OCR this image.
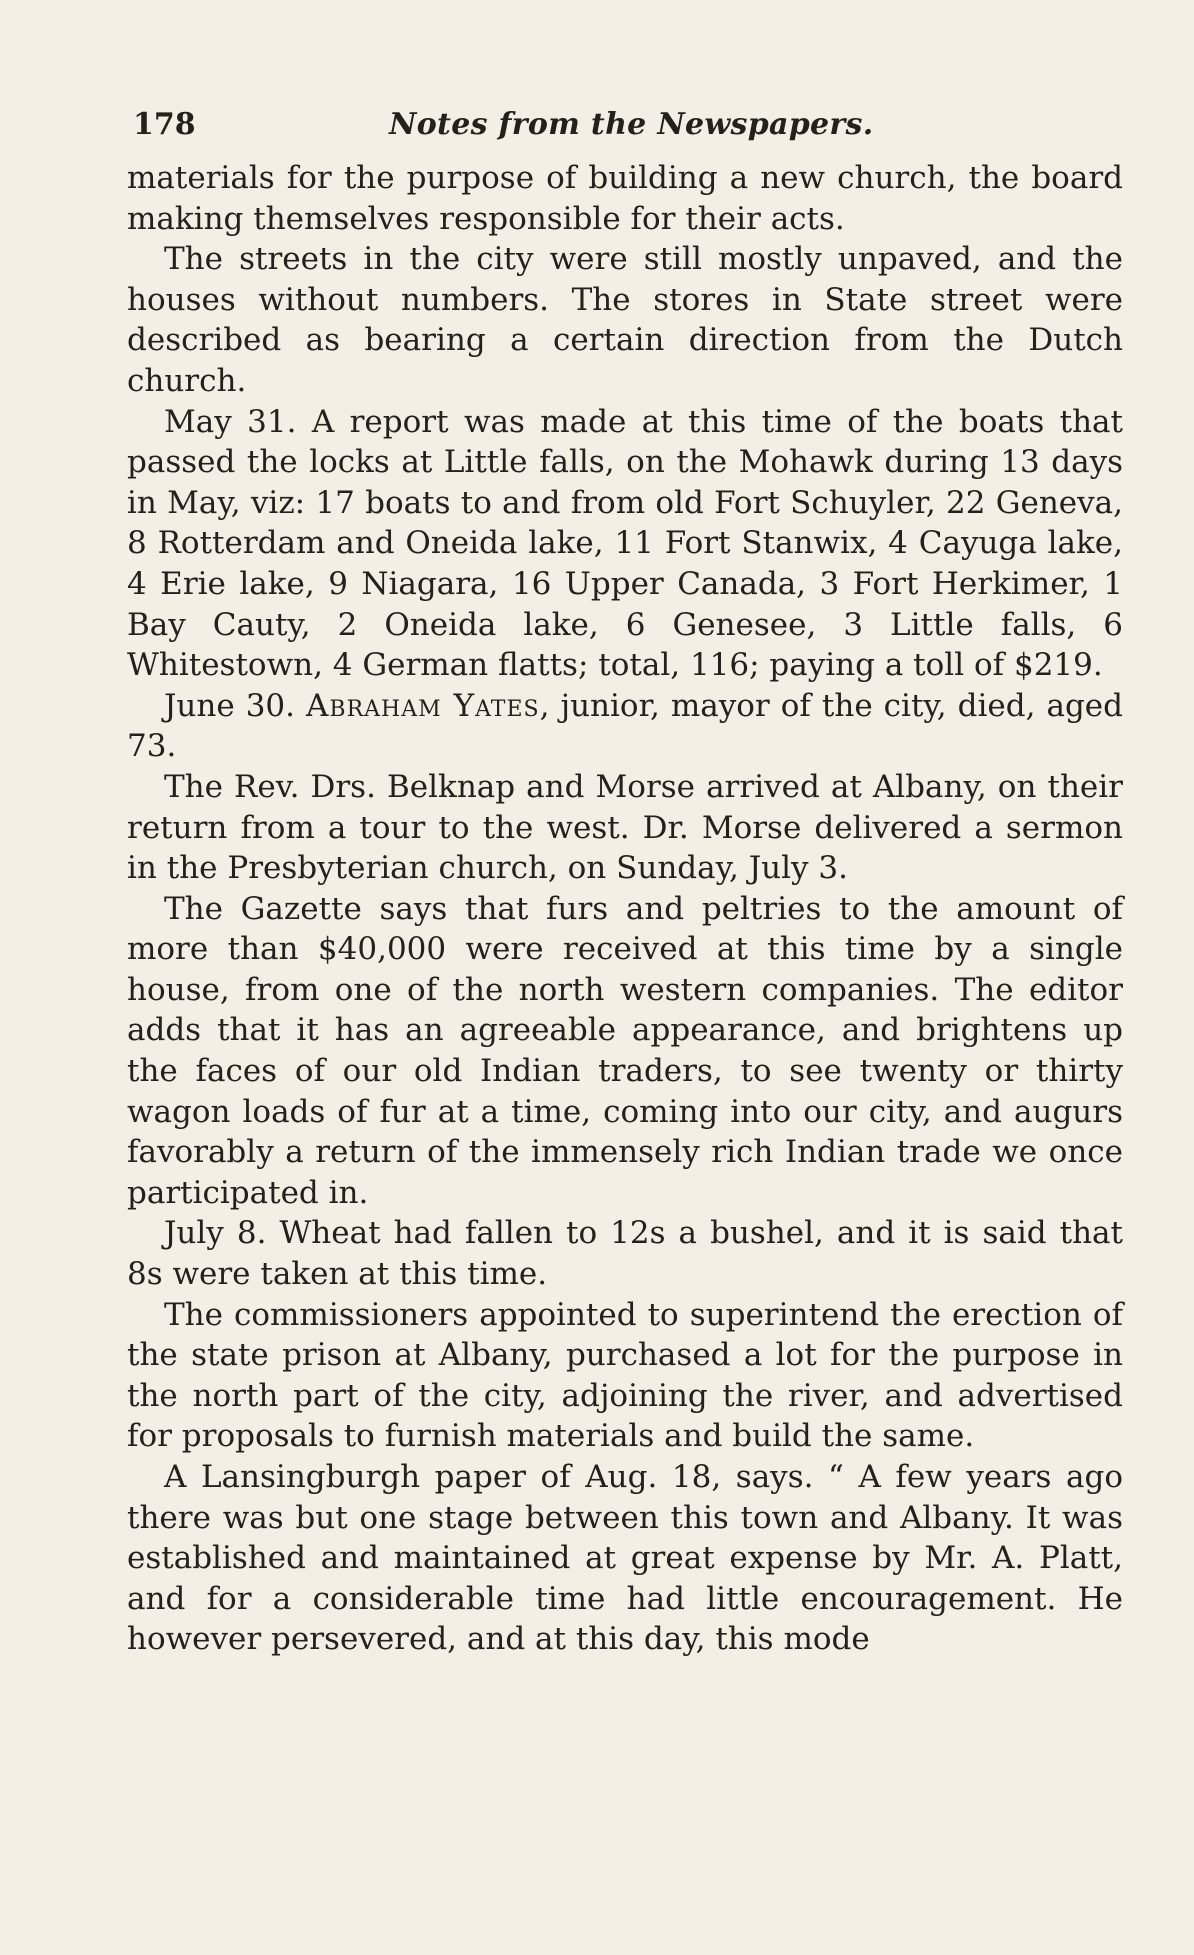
178	Notes from the Newspapers.

materials for the purpose of building a new church, the board making themselves responsible for their acts.

The streets in the city were still mostly unpaved, and the houses without numbers. The stores in State street were described as bearing a certain direction from the Dutch church.

May 31. A report was made at this time of the boats that passed the locks at Little falls, on the Mohawk during 13 days in May, viz: 17 boats to and from old Fort Schuyler, 22 Geneva, 8 Rotterdam and Oneida lake, 11 Fort Stanwix, 4 Cayuga lake, 4 Erie lake, 9 Niagara, 16 Upper Canada, 3 Fort Herkimer, 1 Bay Cauty, 2 Oneida lake, 6 Genesee, 3 Little falls, 6 Whitestown, 4 German flatts; total, 116; paying a toll of $219.

June 30. Abraham Yates, junior, mayor of the city, died, aged 73.

The Rev. Drs. Belknap and Morse arrived at Albany, on their return from a tour to the west. Dr. Morse delivered a sermon in the Presbyterian church, on Sunday, July 3.

The Gazette says that furs and peltries to the amount of more than $40,000 were received at this time by a single house, from one of the north western companies. The editor adds that it has an agreeable appearance, and brightens up the faces of our old Indian traders, to see twenty or thirty wagon loads of fur at a time, coming into our city, and augurs favorably a return of the immensely rich Indian trade we once participated in.

July 8. Wheat had fallen to 12s a bushel, and it is said that 8s were taken at this time.

The commissioners appointed to superintend the erection of the state prison at Albany, purchased a lot for the purpose in the north part of the city, adjoining the river, and advertised for proposals to furnish materials and build the same.

A Lansingburgh paper of Aug. 18, says. “ A few years ago there was but one stage between this town and Albany. It was established and maintained at great expense by Mr. A. Platt, and for a considerable time had little encouragement. He however persevered, and at this day, this mode
